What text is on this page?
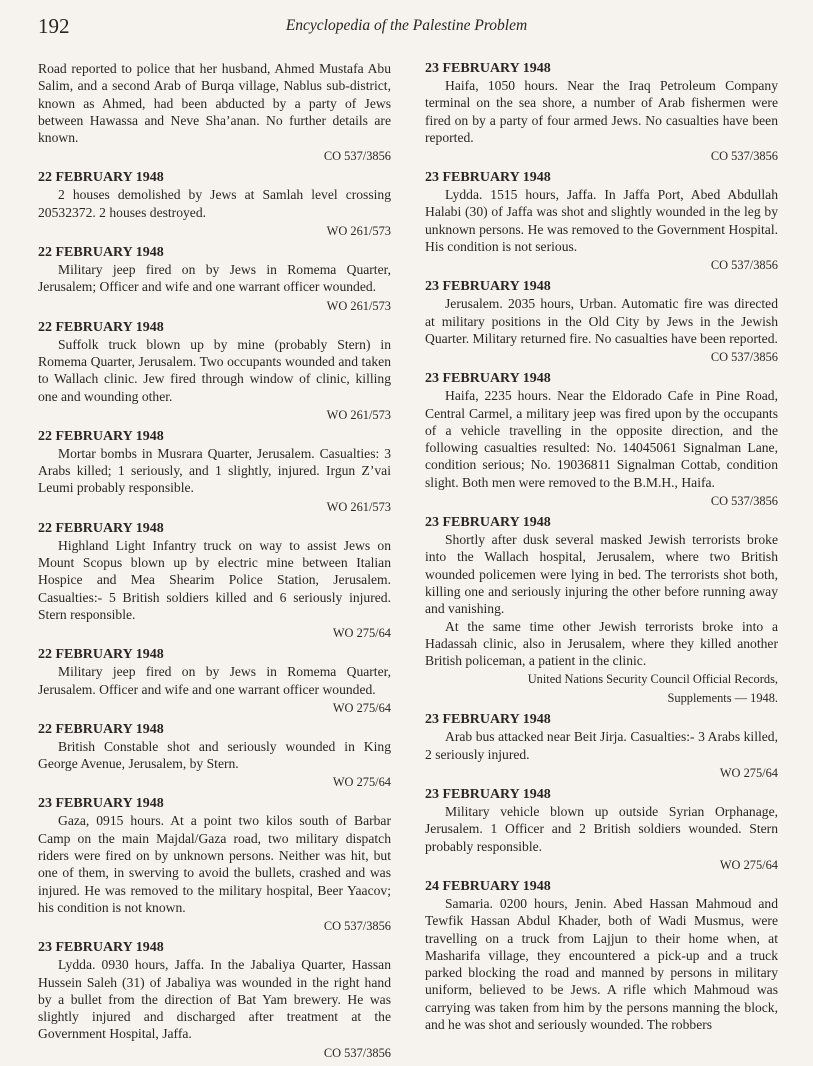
192	Encyclopedia of the Palestine Problem

Road reported to police that her husband, Ahmed Mustafa Abu Salim, and a second Arab of Burqa village, Nablus sub-district, known as Ahmed, had been abducted by a party of Jews between Hawassa and Neve Sha’anan. No further details are known.

CO 537/3856
22 FEBRUARY 1948

2 houses demolished by Jews at Samlah level crossing 20532372. 2 houses destroyed.

WO 261/573
22 FEBRUARY 1948

Military jeep fired on by Jews in Romema Quarter, Jerusalem; Officer and wife and one warrant officer wounded.

WO 261/573
22 FEBRUARY 1948

Suffolk truck blown up by mine (probably Stern) in Romema Quarter, Jerusalem. Two occupants wounded and taken to Wallach clinic. Jew fired through window of clinic, killing one and wounding other.

WO 261/573
22 FEBRUARY 1948

Mortar bombs in Musrara Quarter, Jerusalem. Casualties: 3 Arabs killed; 1 seriously, and 1 slightly, injured. Irgun Z’vai Leumi probably responsible.

WO 261/573
22 FEBRUARY 1948

Highland Light Infantry truck on way to assist Jews on Mount Scopus blown up by electric mine between Italian Hospice and Mea Shearim Police Station, Jerusalem. Casualties:- 5 British soldiers killed and 6 seriously injured. Stern responsible.

WO 275/64
22 FEBRUARY 1948

Military jeep fired on by Jews in Romema Quarter, Jerusalem. Officer and wife and one warrant officer wounded.

WO 275/64
22 FEBRUARY 1948

British Constable shot and seriously wounded in King George Avenue, Jerusalem, by Stern.

WO 275/64
23 FEBRUARY 1948

Gaza, 0915 hours. At a point two kilos south of Barbar Camp on the main Majdal/Gaza road, two military dispatch riders were fired on by unknown persons. Neither was hit, but one of them, in swerving to avoid the bullets, crashed and was injured. He was removed to the military hospital, Beer Yaacov; his condition is not known.

CO 537/3856
23 FEBRUARY 1948

Lydda. 0930 hours, Jaffa. In the Jabaliya Quarter, Hassan Hussein Saleh (31) of Jabaliya was wounded in the right hand by a bullet from the direction of Bat Yam brewery. He was slightly injured and discharged after treatment at the Government Hospital, Jaffa.

CO 537/3856
23 FEBRUARY 1948

Haifa, 1050 hours. Near the Iraq Petroleum Company terminal on the sea shore, a number of Arab fishermen were fired on by a party of four armed Jews. No casualties have been reported.

CO 537/3856
23 FEBRUARY 1948

Lydda. 1515 hours, Jaffa. In Jaffa Port, Abed Abdullah Halabi (30) of Jaffa was shot and slightly wounded in the leg by unknown persons. He was removed to the Government Hospital. His condition is not serious.

CO 537/3856
23 FEBRUARY 1948

Jerusalem. 2035 hours, Urban. Automatic fire was directed at military positions in the Old City by Jews in the Jewish Quarter. Military returned fire. No casualties have been reported.

CO 537/3856
23 FEBRUARY 1948

Haifa, 2235 hours. Near the Eldorado Cafe in Pine Road, Central Carmel, a military jeep was fired upon by the occupants of a vehicle travelling in the opposite direction, and the following casualties resulted: No. 14045061 Signalman Lane, condition serious; No. 19036811 Signalman Cottab, condition slight. Both men were removed to the B.M.H., Haifa.

CO 537/3856
23 FEBRUARY 1948

Shortly after dusk several masked Jewish terrorists broke into the Wallach hospital, Jerusalem, where two British wounded policemen were lying in bed. The terrorists shot both, killing one and seriously injuring the other before running away and vanishing.

At the same time other Jewish terrorists broke into a Hadassah clinic, also in Jerusalem, where they killed another British policeman, a patient in the clinic.

United Nations Security Council Official Records,
Supplements — 1948.
23 FEBRUARY 1948

Arab bus attacked near Beit Jirja. Casualties:- 3 Arabs killed, 2 seriously injured.

WO 275/64
23 FEBRUARY 1948

Military vehicle blown up outside Syrian Orphanage, Jerusalem. 1 Officer and 2 British soldiers wounded. Stern probably responsible.

WO 275/64
24 FEBRUARY 1948

Samaria. 0200 hours, Jenin. Abed Hassan Mahmoud and Tewfik Hassan Abdul Khader, both of Wadi Musmus, were travelling on a truck from Lajjun to their home when, at Masharifa village, they encountered a pick-up and a truck parked blocking the road and manned by persons in military uniform, believed to be Jews. A rifle which Mahmoud was carrying was taken from him by the persons manning the block, and he was shot and seriously wounded. The robbers
